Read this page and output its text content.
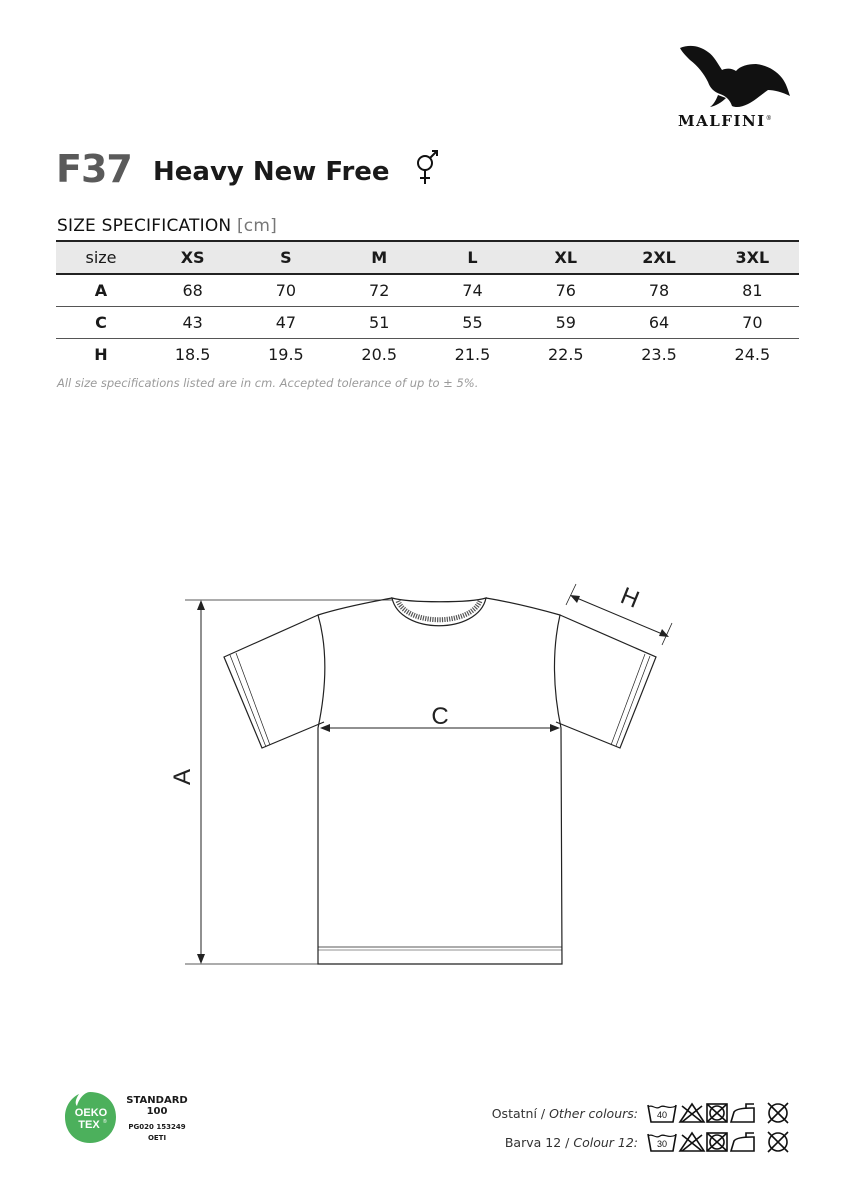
MALFINI®
F37 Heavy New Free
SIZE SPECIFICATION [cm]
size	XS	S	M	L	XL	2XL	3XL
A	68	70	72	74	76	78	81
C	43	47	51	55	59	64	70
H	18.5	19.5	20.5	21.5	22.5	23.5	24.5
All size specifications listed are in cm. Accepted tolerance of up to ± 5%.
A
C
H
OEKO
TEX ®
STANDARD
100
PG020 153249
OETI
Ostatní / Other colours: 40
Barva 12 / Colour 12: 30
